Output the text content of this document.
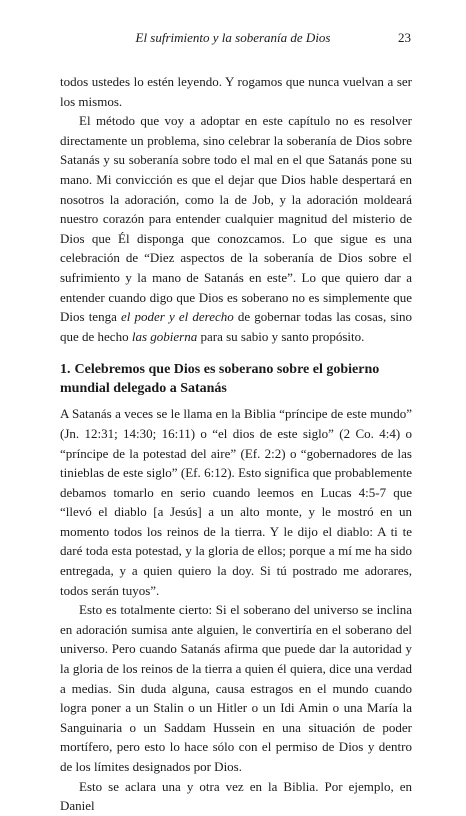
El sufrimiento y la soberanía de Dios	23

todos ustedes lo estén leyendo. Y rogamos que nunca vuelvan a ser los mismos.

El método que voy a adoptar en este capítulo no es resolver directamente un problema, sino celebrar la soberanía de Dios sobre Satanás y su soberanía sobre todo el mal en el que Satanás pone su mano. Mi convicción es que el dejar que Dios hable despertará en nosotros la adoración, como la de Job, y la adoración moldeará nuestro corazón para entender cualquier magnitud del misterio de Dios que Él disponga que conozcamos. Lo que sigue es una celebración de “Diez aspectos de la soberanía de Dios sobre el sufrimiento y la mano de Satanás en este”. Lo que quiero dar a entender cuando digo que Dios es soberano no es simplemente que Dios tenga el poder y el derecho de gobernar todas las cosas, sino que de hecho las gobierna para su sabio y santo propósito.

1. Celebremos que Dios es soberano sobre el gobierno mundial delegado a Satanás

A Satanás a veces se le llama en la Biblia “príncipe de este mundo” (Jn. 12:31; 14:30; 16:11) o “el dios de este siglo” (2 Co. 4:4) o “príncipe de la potestad del aire” (Ef. 2:2) o “gobernadores de las tinieblas de este siglo” (Ef. 6:12). Esto significa que probablemente debamos tomarlo en serio cuando leemos en Lucas 4:5-7 que “llevó el diablo [a Jesús] a un alto monte, y le mostró en un momento todos los reinos de la tierra. Y le dijo el diablo: A ti te daré toda esta potestad, y la gloria de ellos; porque a mí me ha sido entregada, y a quien quiero la doy. Si tú postrado me adorares, todos serán tuyos”.

Esto es totalmente cierto: Si el soberano del universo se inclina en adoración sumisa ante alguien, le convertiría en el soberano del universo. Pero cuando Satanás afirma que puede dar la autoridad y la gloria de los reinos de la tierra a quien él quiera, dice una verdad a medias. Sin duda alguna, causa estragos en el mundo cuando logra poner a un Stalin o un Hitler o un Idi Amin o una María la Sanguinaria o un Saddam Hussein en una situación de poder mortífero, pero esto lo hace sólo con el permiso de Dios y dentro de los límites designados por Dios.

Esto se aclara una y otra vez en la Biblia. Por ejemplo, en Daniel
